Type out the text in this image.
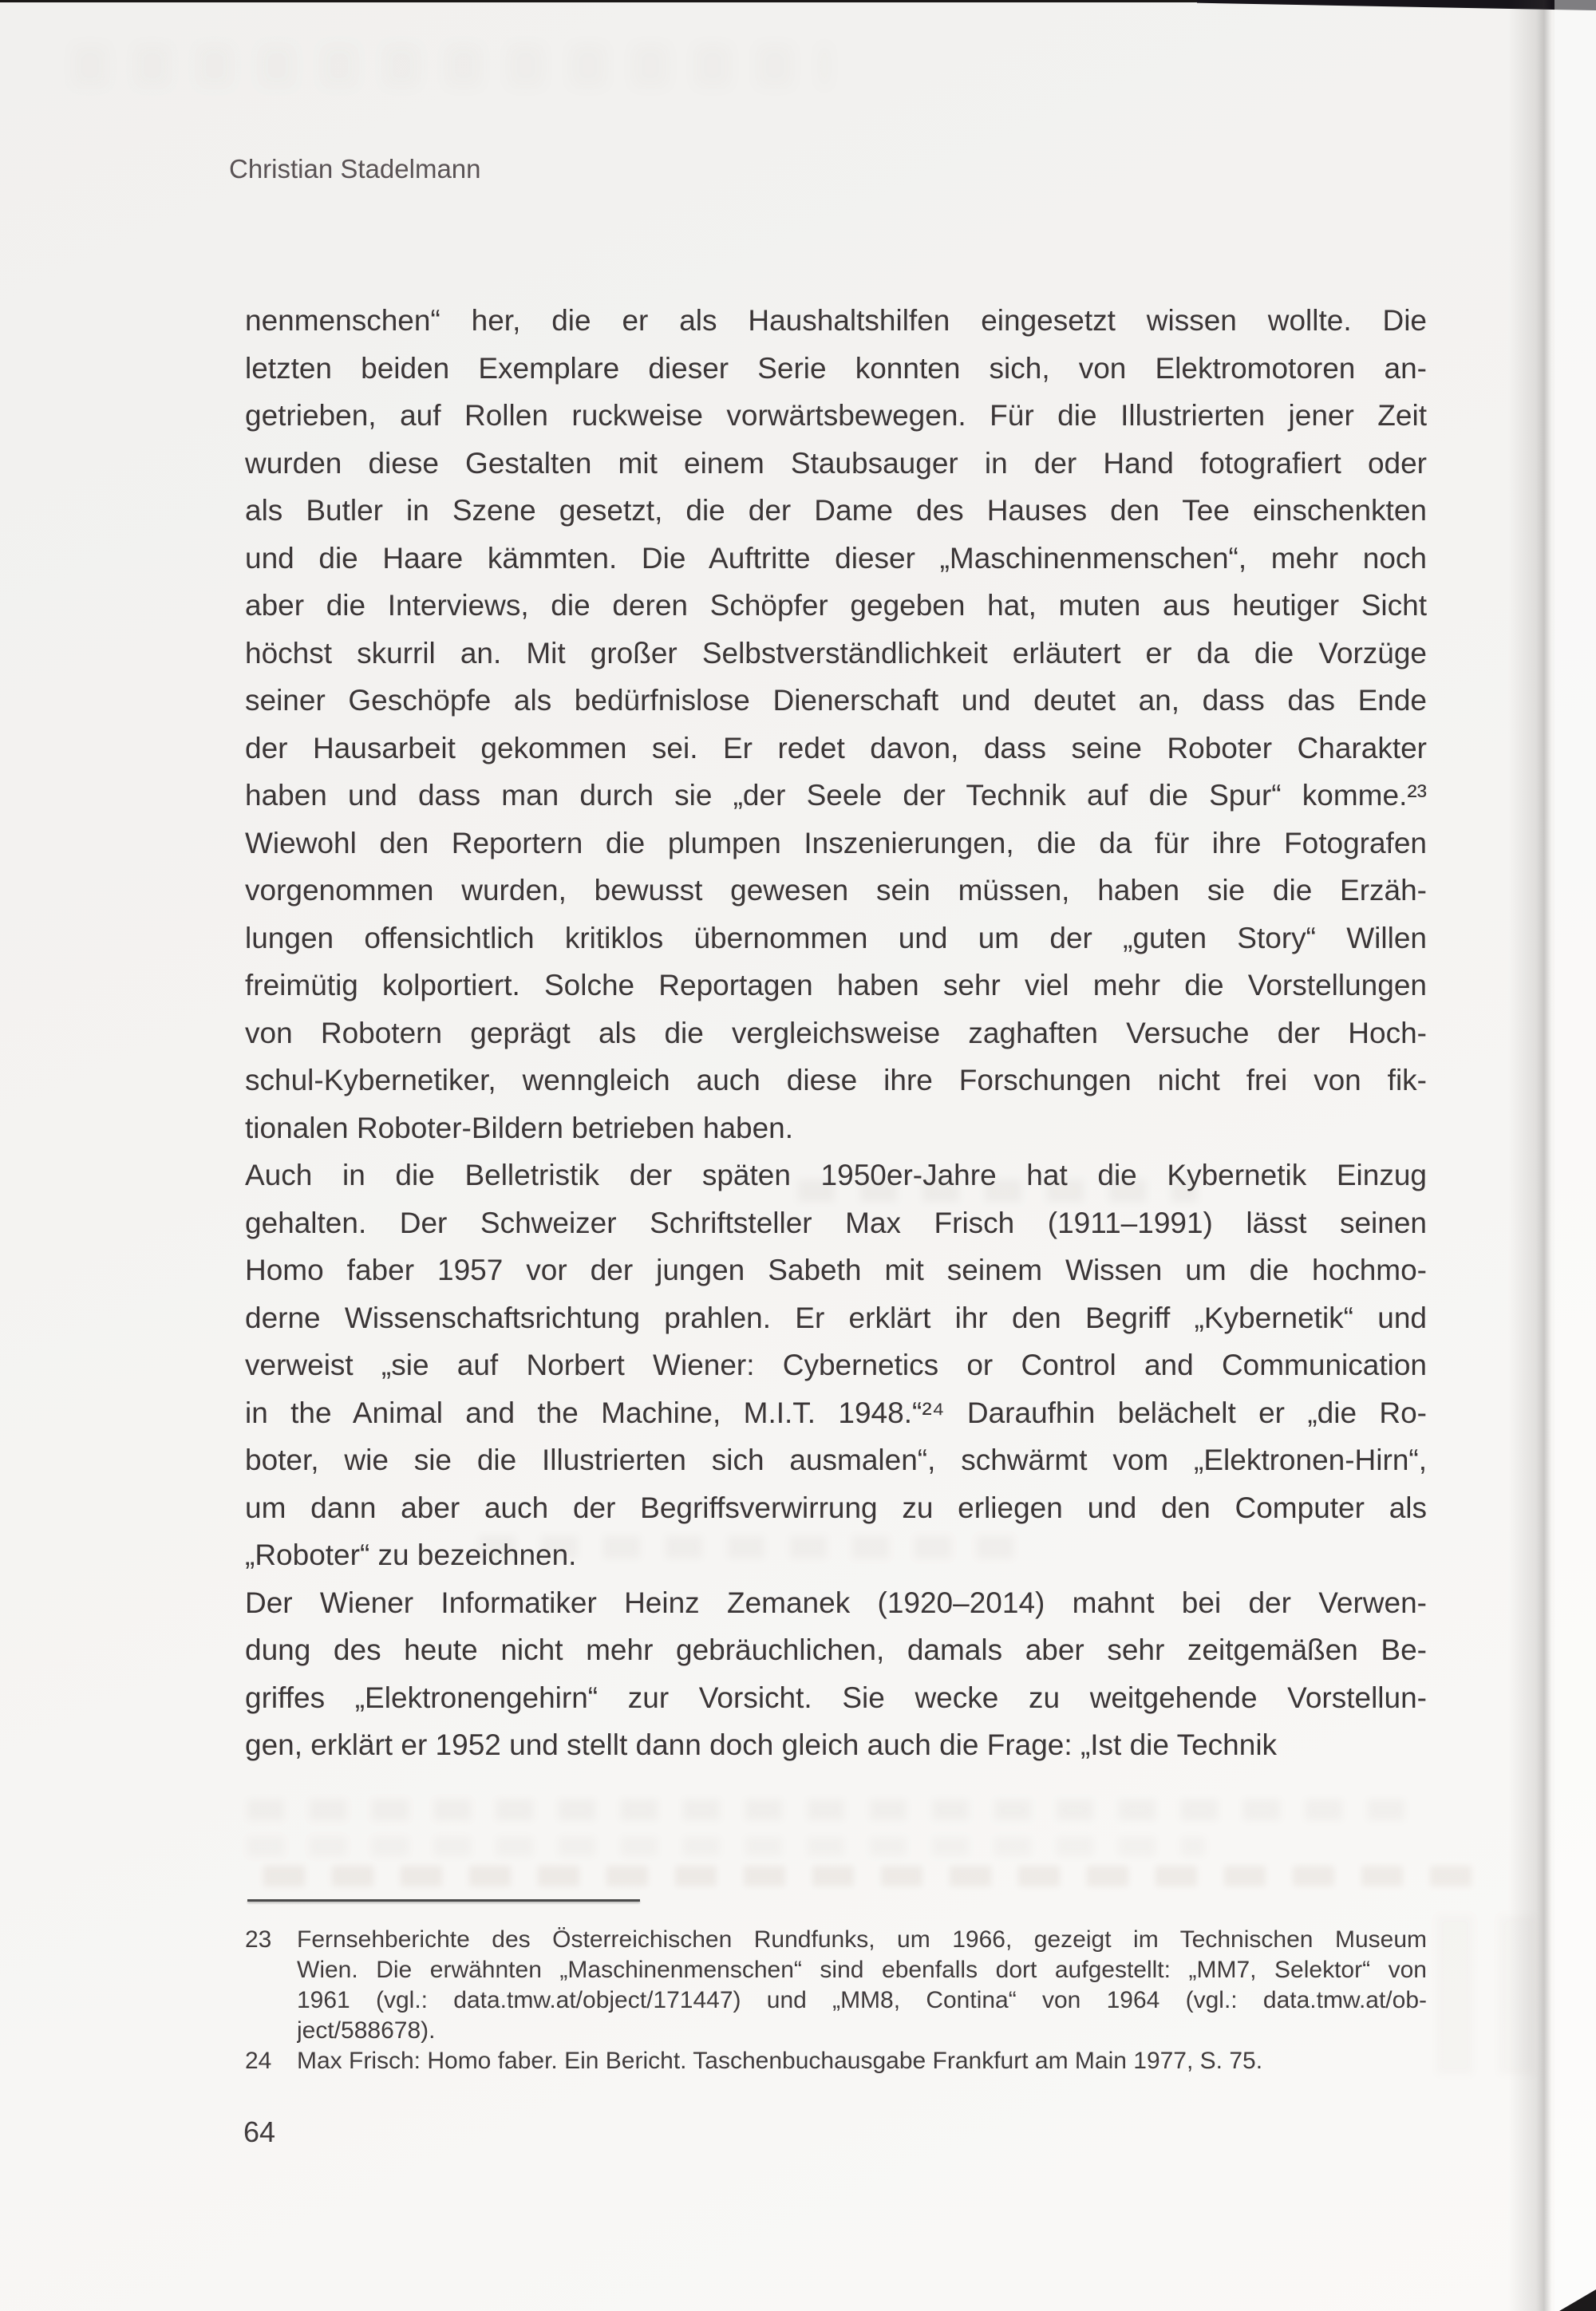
Christian Stadelmann
nenmenschen“ her, die er als Haushaltshilfen eingesetzt wissen wollte. Die
letzten beiden Exemplare dieser Serie konnten sich, von Elektromotoren an-
getrieben, auf Rollen ruckweise vorwärtsbewegen. Für die Illustrierten jener Zeit
wurden diese Gestalten mit einem Staubsauger in der Hand fotografiert oder
als Butler in Szene gesetzt, die der Dame des Hauses den Tee einschenkten
und die Haare kämmten. Die Auftritte dieser „Maschinenmenschen“, mehr noch
aber die Interviews, die deren Schöpfer gegeben hat, muten aus heutiger Sicht
höchst skurril an. Mit großer Selbstverständlichkeit erläutert er da die Vorzüge
seiner Geschöpfe als bedürfnislose Dienerschaft und deutet an, dass das Ende
der Hausarbeit gekommen sei. Er redet davon, dass seine Roboter Charakter
haben und dass man durch sie „der Seele der Technik auf die Spur“ komme.²³
Wiewohl den Reportern die plumpen Inszenierungen, die da für ihre Fotografen
vorgenommen wurden, bewusst gewesen sein müssen, haben sie die Erzäh-
lungen offensichtlich kritiklos übernommen und um der „guten Story“ Willen
freimütig kolportiert. Solche Reportagen haben sehr viel mehr die Vorstellungen
von Robotern geprägt als die vergleichsweise zaghaften Versuche der Hoch-
schul-Kybernetiker, wenngleich auch diese ihre Forschungen nicht frei von fik-
tionalen Roboter-Bildern betrieben haben.
Auch in die Belletristik der späten 1950er-Jahre hat die Kybernetik Einzug
gehalten. Der Schweizer Schriftsteller Max Frisch (1911–1991) lässt seinen
Homo faber 1957 vor der jungen Sabeth mit seinem Wissen um die hochmo-
derne Wissenschaftsrichtung prahlen. Er erklärt ihr den Begriff „Kybernetik“ und
verweist „sie auf Norbert Wiener: Cybernetics or Control and Communication
in the Animal and the Machine, M.I.T. 1948.“²⁴ Daraufhin belächelt er „die Ro-
boter, wie sie die Illustrierten sich ausmalen“, schwärmt vom „Elektronen-Hirn“,
um dann aber auch der Begriffsverwirrung zu erliegen und den Computer als
„Roboter“ zu bezeichnen.
Der Wiener Informatiker Heinz Zemanek (1920–2014) mahnt bei der Verwen-
dung des heute nicht mehr gebräuchlichen, damals aber sehr zeitgemäßen Be-
griffes „Elektronengehirn“ zur Vorsicht. Sie wecke zu weitgehende Vorstellun-
gen, erklärt er 1952 und stellt dann doch gleich auch die Frage: „Ist die Technik
23 Fernsehberichte des Österreichischen Rundfunks, um 1966, gezeigt im Technischen Museum
Wien. Die erwähnten „Maschinenmenschen“ sind ebenfalls dort aufgestellt: „MM7, Selektor“ von
1961 (vgl.: data.tmw.at/object/171447) und „MM8, Contina“ von 1964 (vgl.: data.tmw.at/ob-
ject/588678).
24 Max Frisch: Homo faber. Ein Bericht. Taschenbuchausgabe Frankfurt am Main 1977, S. 75.
64
